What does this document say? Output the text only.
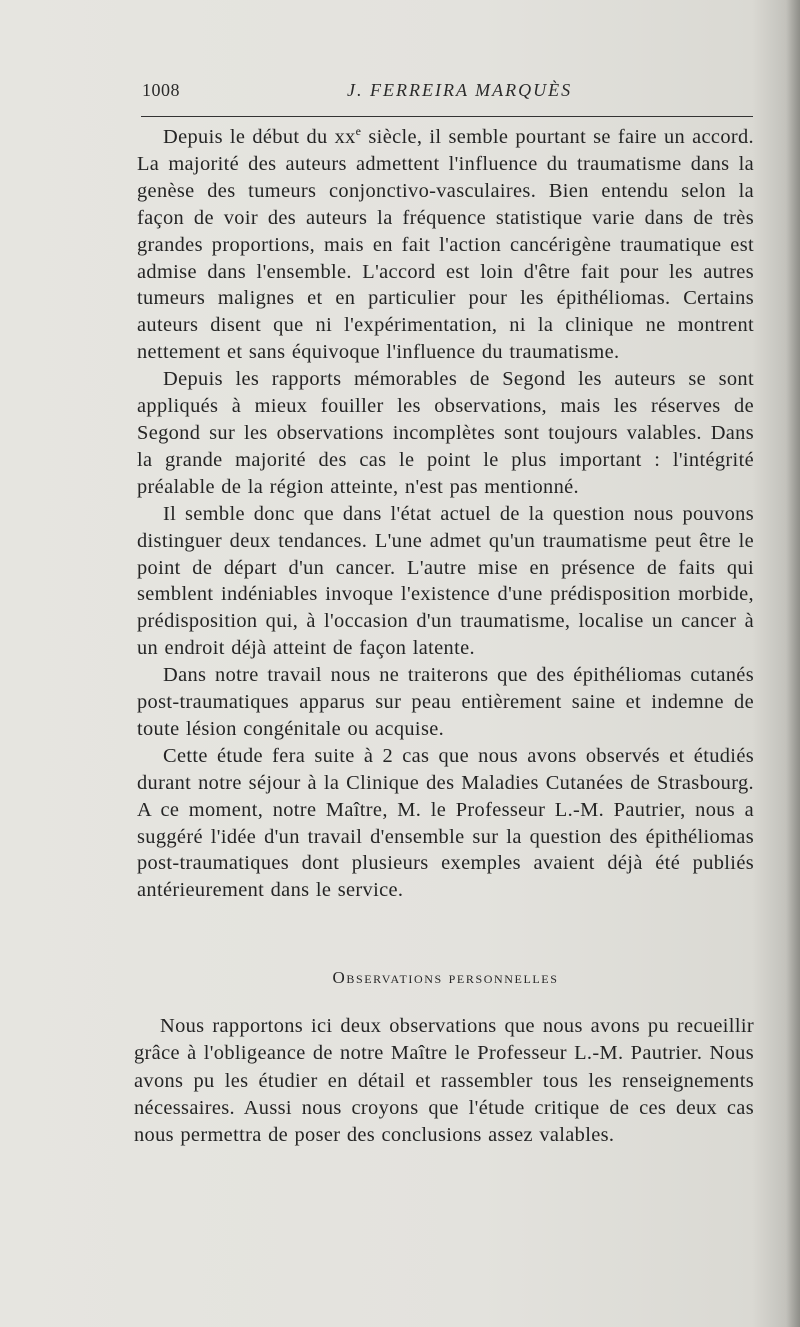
1008	J. FERREIRA MARQUÈS

Depuis le début du $xx^e$ siècle, il semble pourtant se faire un accord. La majorité des auteurs admettent l'influence du traumatisme dans la genèse des tumeurs conjonctivo-vasculaires. Bien entendu selon la façon de voir des auteurs la fréquence statistique varie dans de très grandes proportions, mais en fait l'action cancérigène traumatique est admise dans l'ensemble. L'accord est loin d'être fait pour les autres tumeurs malignes et en particulier pour les épithéliomas. Certains auteurs disent que ni l'expérimentation, ni la clinique ne montrent nettement et sans équivoque l'influence du traumatisme.

Depuis les rapports mémorables de Segond les auteurs se sont appliqués à mieux fouiller les observations, mais les réserves de Segond sur les observations incomplètes sont toujours valables. Dans la grande majorité des cas le point le plus important : l'intégrité préalable de la région atteinte, n'est pas mentionné.

Il semble donc que dans l'état actuel de la question nous pouvons distinguer deux tendances. L'une admet qu'un traumatisme peut être le point de départ d'un cancer. L'autre mise en présence de faits qui semblent indéniables invoque l'existence d'une prédisposition morbide, prédisposition qui, à l'occasion d'un traumatisme, localise un cancer à un endroit déjà atteint de façon latente.

Dans notre travail nous ne traiterons que des épithéliomas cutanés post-traumatiques apparus sur peau entièrement saine et indemne de toute lésion congénitale ou acquise.

Cette étude fera suite à 2 cas que nous avons observés et étudiés durant notre séjour à la Clinique des Maladies Cutanées de Strasbourg. A ce moment, notre Maître, M. le Professeur L.-M. Pautrier, nous a suggéré l'idée d'un travail d'ensemble sur la question des épithéliomas post-traumatiques dont plusieurs exemples avaient déjà été publiés antérieurement dans le service.

Observations personnelles

Nous rapportons ici deux observations que nous avons pu recueillir grâce à l'obligeance de notre Maître le Professeur L.-M. Pautrier. Nous avons pu les étudier en détail et rassembler tous les renseignements nécessaires. Aussi nous croyons que l'étude critique de ces deux cas nous permettra de poser des conclusions assez valables.
